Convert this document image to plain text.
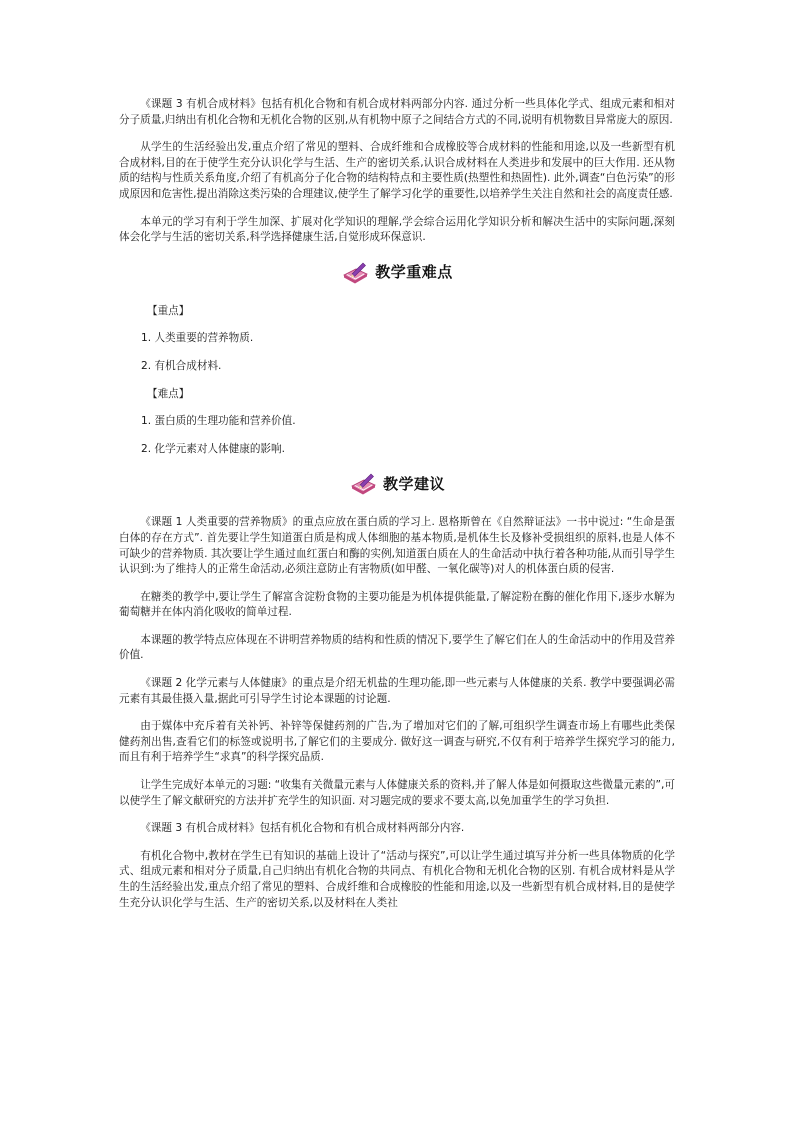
《课题 3 有机合成材料》包括有机化合物和有机合成材料两部分内容. 通过分析一些具体化学式、组成元素和相对分子质量,归纳出有机化合物和无机化合物的区别,从有机物中原子之间结合方式的不同,说明有机物数目异常庞大的原因.

从学生的生活经验出发,重点介绍了常见的塑料、合成纤维和合成橡胶等合成材料的性能和用途,以及一些新型有机合成材料,目的在于使学生充分认识化学与生活、生产的密切关系,认识合成材料在人类进步和发展中的巨大作用. 还从物质的结构与性质关系角度,介绍了有机高分子化合物的结构特点和主要性质(热塑性和热固性). 此外,调查“白色污染”的形成原因和危害性,提出消除这类污染的合理建议,使学生了解学习化学的重要性,以培养学生关注自然和社会的高度责任感.

本单元的学习有利于学生加深、扩展对化学知识的理解,学会综合运用化学知识分析和解决生活中的实际问题,深刻体会化学与生活的密切关系,科学选择健康生活,自觉形成环保意识.

教学重难点
【重点】
1. 人类重要的营养物质.
2. 有机合成材料.
【难点】
1. 蛋白质的生理功能和营养价值.
2. 化学元素对人体健康的影响.
教学建议

《课题 1 人类重要的营养物质》的重点应放在蛋白质的学习上. 恩格斯曾在《自然辩证法》一书中说过: “生命是蛋白体的存在方式”. 首先要让学生知道蛋白质是构成人体细胞的基本物质,是机体生长及修补受损组织的原料,也是人体不可缺少的营养物质. 其次要让学生通过血红蛋白和酶的实例,知道蛋白质在人的生命活动中执行着各种功能,从而引导学生认识到:为了维持人的正常生命活动,必须注意防止有害物质(如甲醛、一氧化碳等)对人的机体蛋白质的侵害.

在糖类的教学中,要让学生了解富含淀粉食物的主要功能是为机体提供能量,了解淀粉在酶的催化作用下,逐步水解为葡萄糖并在体内消化吸收的简单过程.

本课题的教学特点应体现在不讲明营养物质的结构和性质的情况下,要学生了解它们在人的生命活动中的作用及营养价值.

《课题 2 化学元素与人体健康》的重点是介绍无机盐的生理功能,即一些元素与人体健康的关系. 教学中要强调必需元素有其最佳摄入量,据此可引导学生讨论本课题的讨论题.

由于媒体中充斥着有关补钙、补锌等保健药剂的广告,为了增加对它们的了解,可组织学生调查市场上有哪些此类保健药剂出售,查看它们的标签或说明书,了解它们的主要成分. 做好这一调查与研究,不仅有利于培养学生探究学习的能力,而且有利于培养学生“求真”的科学探究品质.

让学生完成好本单元的习题: “收集有关微量元素与人体健康关系的资料,并了解人体是如何摄取这些微量元素的”,可以使学生了解文献研究的方法并扩充学生的知识面. 对习题完成的要求不要太高,以免加重学生的学习负担.

《课题 3 有机合成材料》包括有机化合物和有机合成材料两部分内容.

有机化合物中,教材在学生已有知识的基础上设计了“活动与探究”,可以让学生通过填写并分析一些具体物质的化学式、组成元素和相对分子质量,自己归纳出有机化合物的共同点、有机化合物和无机化合物的区别. 有机合成材料是从学生的生活经验出发,重点介绍了常见的塑料、合成纤维和合成橡胶的性能和用途,以及一些新型有机合成材料,目的是使学生充分认识化学与生活、生产的密切关系,以及材料在人类社
